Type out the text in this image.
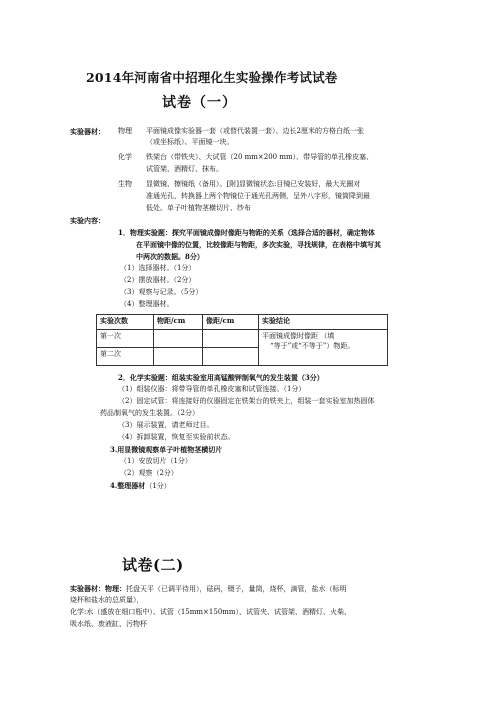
2014年河南省中招理化生实验操作考试试卷
试卷（一）
实验器材： 物理 平面镜成像实验器一套（或替代装置一套）、边长2厘米的方格白纸一张
（或坐标纸）、平面镜一块。
化学 铁架台（带铁夹）、大试管（20 mm×200 mm）、带导管的单孔橡皮塞、
试管架、酒精灯、抹布。
生物 显微镜、擦镜纸（备用）。[附]显微镜状态:目镜已安装好，最大光圈对
准通光孔，转换器上两个物镜位于通光孔两侧，呈外八字形，镜筒降到最
低处。单子叶植物茎横切片、纱布
实验内容：
1．物理实验题：探究平面镜成像时像距与物距的关系（选择合适的器材，确定物体
在平面镜中像的位置，比较像距与物距，多次实验，寻找规律，在表格中填写其
中两次的数据。8分）
（1）选择器材。（1分）
（2）摆放器材。（2分）
（3）观察与记录。（5分）
（4）整理器材。
实验次数	物距/cm	像距/cm	实验结论
第一次			平面镜成像时像距 （填
“等于”或“不等于”）物距。

第二次			
2．化学实验题：组装实验室用高锰酸钾制氧气的发生装置（3分）
（1）组装仪器：将带导管的单孔橡皮塞和试管连接。（1分）
（2）固定试管：将连接好的仪器固定在铁架台的铁夹上，组装一套实验室加热固体
药品制氧气的发生装置。（2分）
（3）展示装置，请老师过目。
（4）拆卸装置，恢复至实验前状态。
3.用显微镜观察单子叶植物茎横切片
（1）安放切片（1分）
（2）观察（2分）
4.整理器材（1分）
试卷(二)
实验器材：物理：托盘天平（已调平待用），砝码，镊子，量筒，烧杯，滴管，盐水（标明
烧杯和盐水的总质量），
化学:水（盛放在细口瓶中）、试管（15mm×150mm）、试管夹、试管架、酒精灯、火柴、
吸水纸、废液缸、污物杯
